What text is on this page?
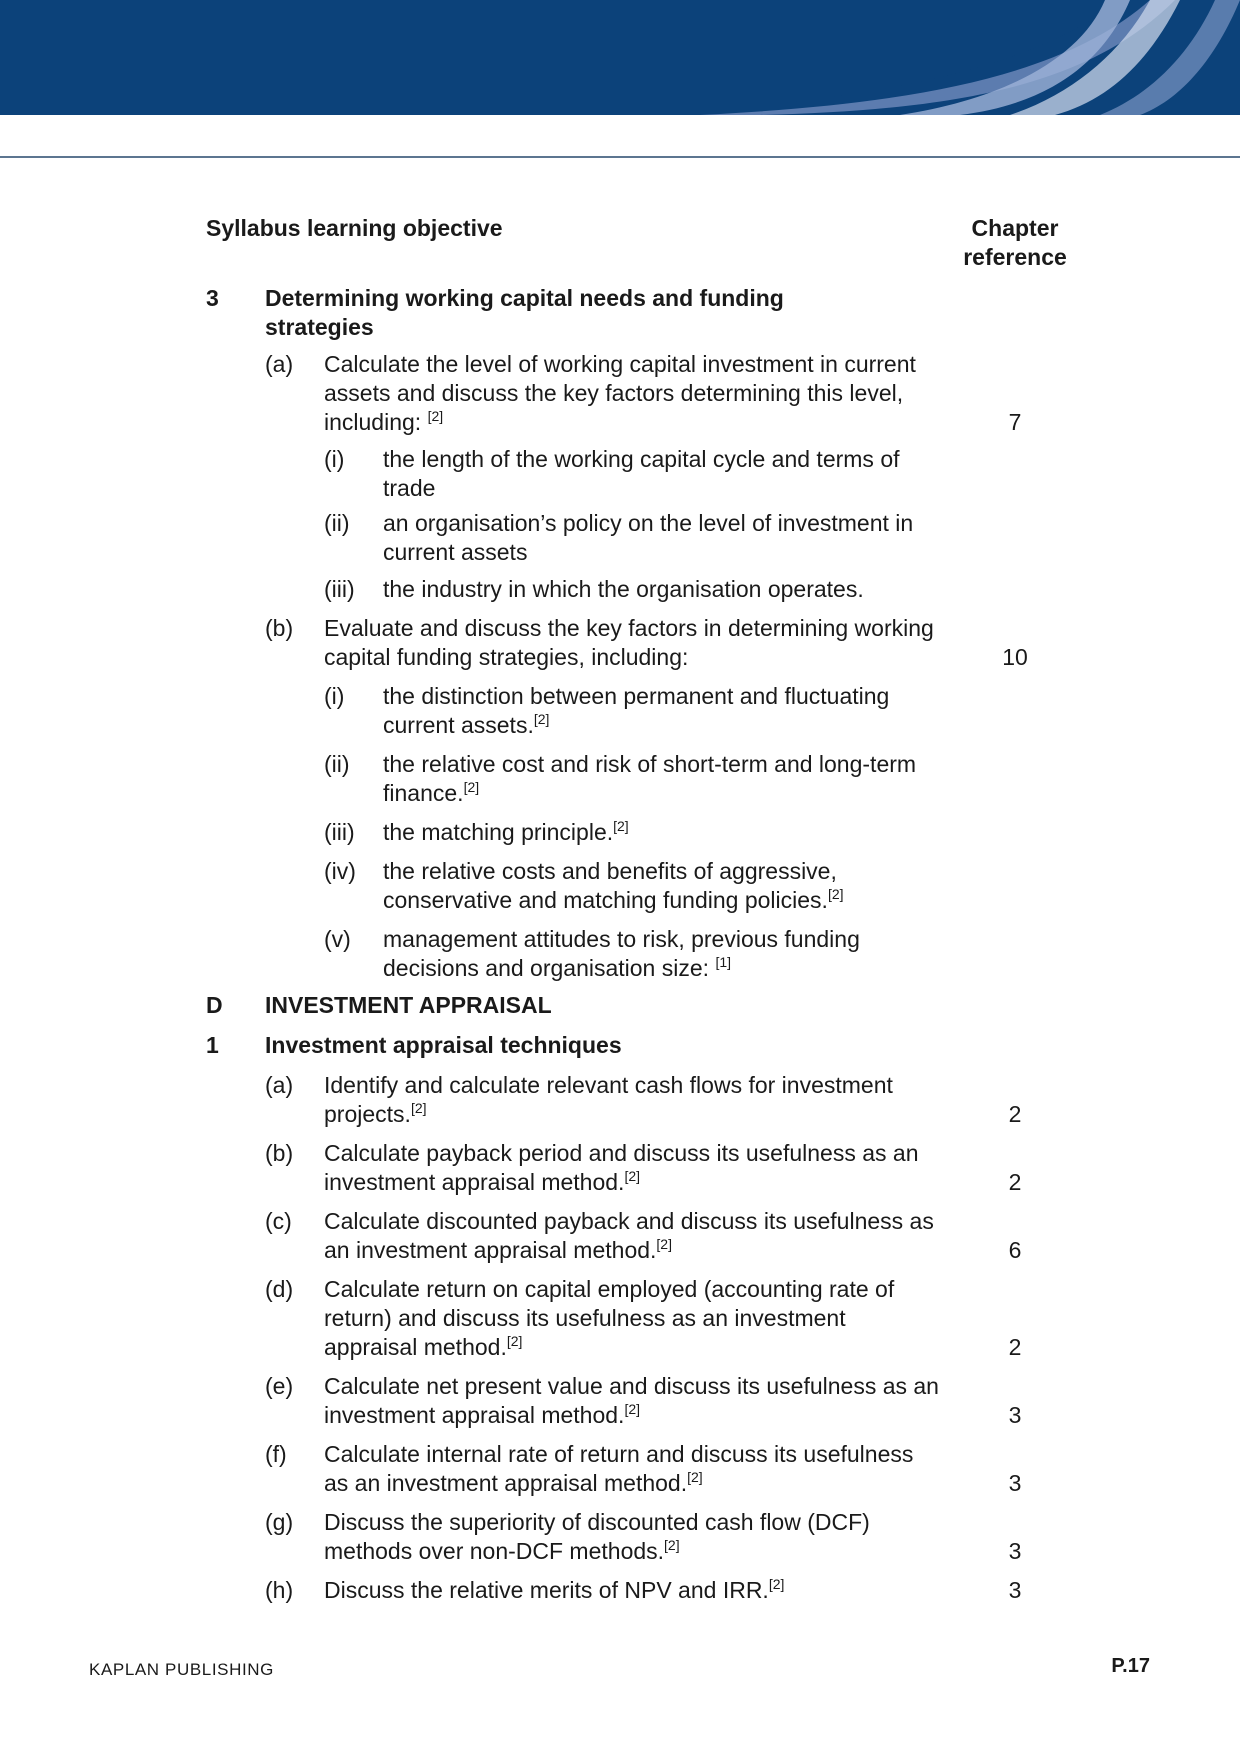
Syllabus learning objective	Chapter
reference
3 Determining working capital needs and funding strategies
(a) Calculate the level of working capital investment in current assets and discuss the key factors determining this level, including: [2]	7
(i) the length of the working capital cycle and terms of trade
(ii) an organisation’s policy on the level of investment in current assets
(iii) the industry in which the organisation operates.
(b) Evaluate and discuss the key factors in determining working capital funding strategies, including:	10
(i) the distinction between permanent and fluctuating current assets.[2]
(ii) the relative cost and risk of short-term and long-term finance.[2]
(iii) the matching principle.[2]
(iv) the relative costs and benefits of aggressive, conservative and matching funding policies.[2]
(v) management attitudes to risk, previous funding decisions and organisation size: [1]
D INVESTMENT APPRAISAL
1 Investment appraisal techniques
(a) Identify and calculate relevant cash flows for investment projects.[2]	2
(b) Calculate payback period and discuss its usefulness as an investment appraisal method.[2]	2
(c) Calculate discounted payback and discuss its usefulness as an investment appraisal method.[2]	6
(d) Calculate return on capital employed (accounting rate of return) and discuss its usefulness as an investment appraisal method.[2]	2
(e) Calculate net present value and discuss its usefulness as an investment appraisal method.[2]	3
(f) Calculate internal rate of return and discuss its usefulness as an investment appraisal method.[2]	3
(g) Discuss the superiority of discounted cash flow (DCF) methods over non-DCF methods.[2]	3
(h) Discuss the relative merits of NPV and IRR.[2]	3
KAPLAN PUBLISHING	P.17
